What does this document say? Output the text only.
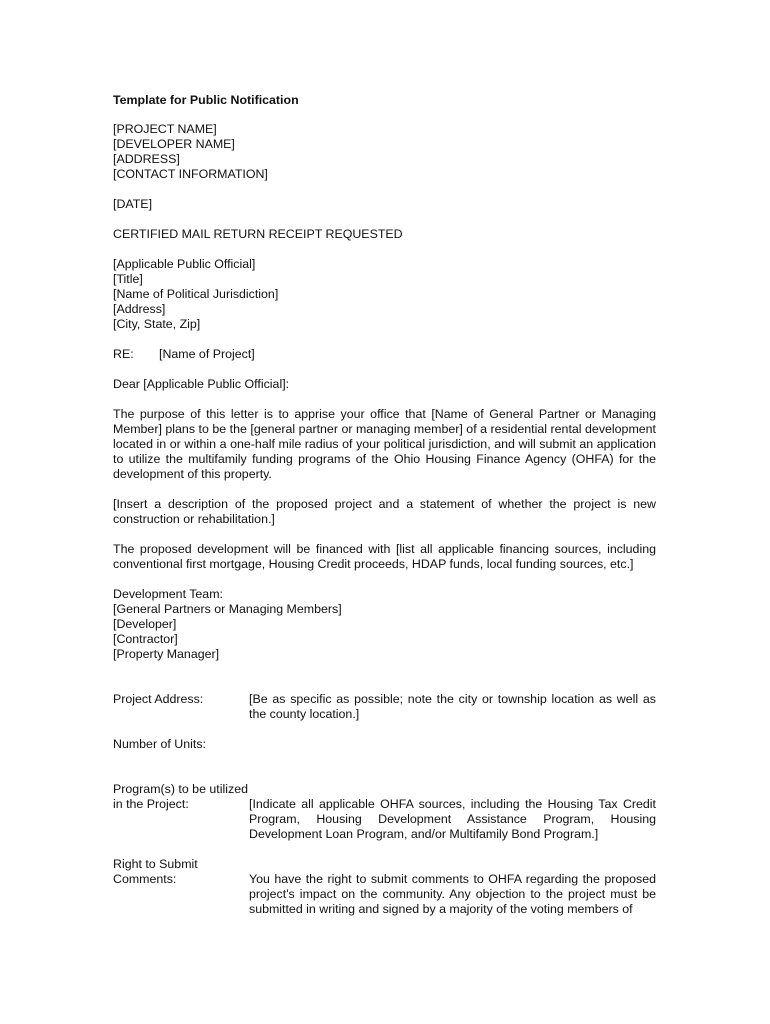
Template for Public Notification
[PROJECT NAME]
[DEVELOPER NAME]
[ADDRESS]
[CONTACT INFORMATION]
[DATE]
CERTIFIED MAIL RETURN RECEIPT REQUESTED
[Applicable Public Official]
[Title]
[Name of Political Jurisdiction]
[Address]
[City, State, Zip]
RE:	[Name of Project]
Dear [Applicable Public Official]:
The purpose of this letter is to apprise your office that [Name of General Partner or Managing Member] plans to be the [general partner or managing member] of a residential rental development located in or within a one-half mile radius of your political jurisdiction, and will submit an application to utilize the multifamily funding programs of the Ohio Housing Finance Agency (OHFA) for the development of this property.
[Insert a description of the proposed project and a statement of whether the project is new construction or rehabilitation.]
The proposed development will be financed with [list all applicable financing sources, including conventional first mortgage, Housing Credit proceeds, HDAP funds, local funding sources, etc.]
Development Team:
[General Partners or Managing Members]
[Developer]
[Contractor]
[Property Manager]
Project Address:	[Be as specific as possible; note the city or township location as well as the county location.]
Number of Units:
Program(s) to be utilized
in the Project:	[Indicate all applicable OHFA sources, including the Housing Tax Credit Program, Housing Development Assistance Program, Housing Development Loan Program, and/or Multifamily Bond Program.]
Right to Submit
Comments:	You have the right to submit comments to OHFA regarding the proposed project's impact on the community. Any objection to the project must be submitted in writing and signed by a majority of the voting members of
